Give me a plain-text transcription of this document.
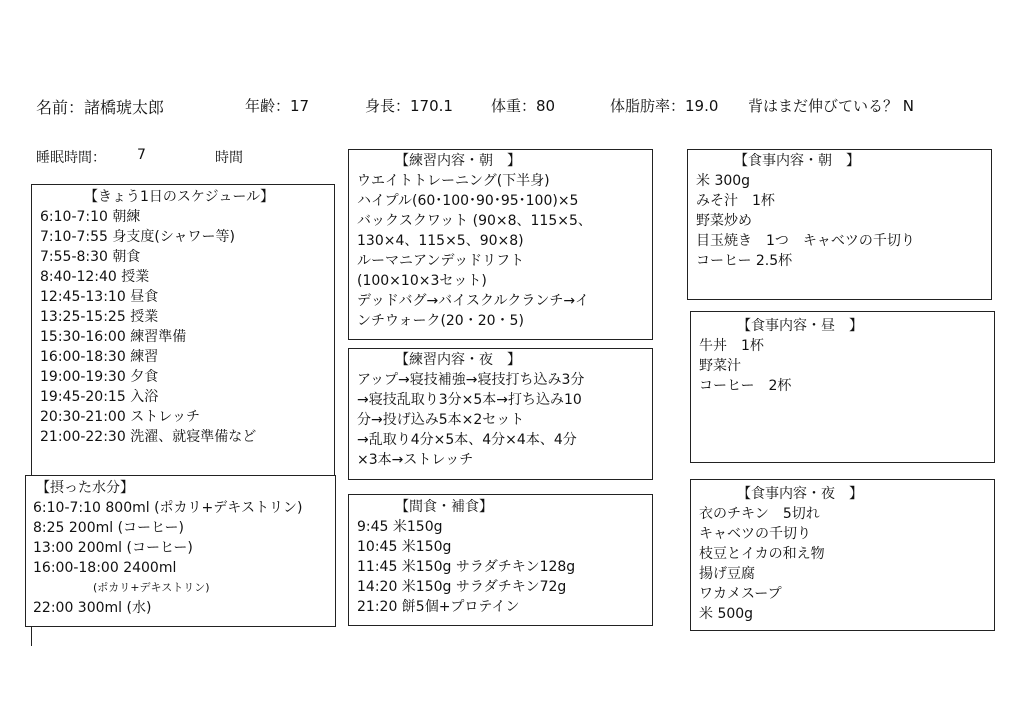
名前：諸橋琥太郎	年齢：17	身長：170.1	体重：80	体脂肪率：19.0 背はまだ伸びている？ N
睡眠時間： 7	時間
【きょう1日のスケジュール】
6:10-7:10 朝練
7:10-7:55 身支度(シャワー等)
7:55-8:30 朝食
8:40-12:40 授業
12:45-13:10 昼食
13:25-15:25 授業
15:30-16:00 練習準備
16:00-18:30 練習
19:00-19:30 夕食
19:45-20:15 入浴
20:30-21:00 ストレッチ
21:00-22:30 洗濯、就寝準備など
【摂った水分】
6:10-7:10 800ml (ポカリ+デキストリン)
8:25 200ml (コーヒー)
13:00 200ml (コーヒー)
16:00-18:00 2400ml
(ポカリ+デキストリン)
22:00 300ml (水)
【練習内容・朝　】
ウエイトトレーニング(下半身)
ハイプル(60･100･90･95･100)×5
バックスクワット (90×8、115×5、
130×4、115×5、90×8)
ルーマニアンデッドリフト
(100×10×3セット)
デッドバグ→バイスクルクランチ→イ
ンチウォーク(20・20・5)
【練習内容・夜　】
アップ→寝技補強→寝技打ち込み3分
→寝技乱取り3分×5本→打ち込み10
分→投げ込み5本×2セット
→乱取り4分×5本、4分×4本、4分
×3本→ストレッチ
【間食・補食】
9:45 米150g
10:45 米150g
11:45 米150g サラダチキン128g
14:20 米150g サラダチキン72g
21:20 餅5個+プロテイン
【食事内容・朝　】
米 300g
みそ汁　1杯
野菜炒め
目玉焼き　1つ　キャベツの千切り
コーヒー 2.5杯
【食事内容・昼　】
牛丼　1杯
野菜汁
コーヒー　2杯
【食事内容・夜　】
衣のチキン　5切れ
キャベツの千切り
枝豆とイカの和え物
揚げ豆腐
ワカメスープ
米 500g
